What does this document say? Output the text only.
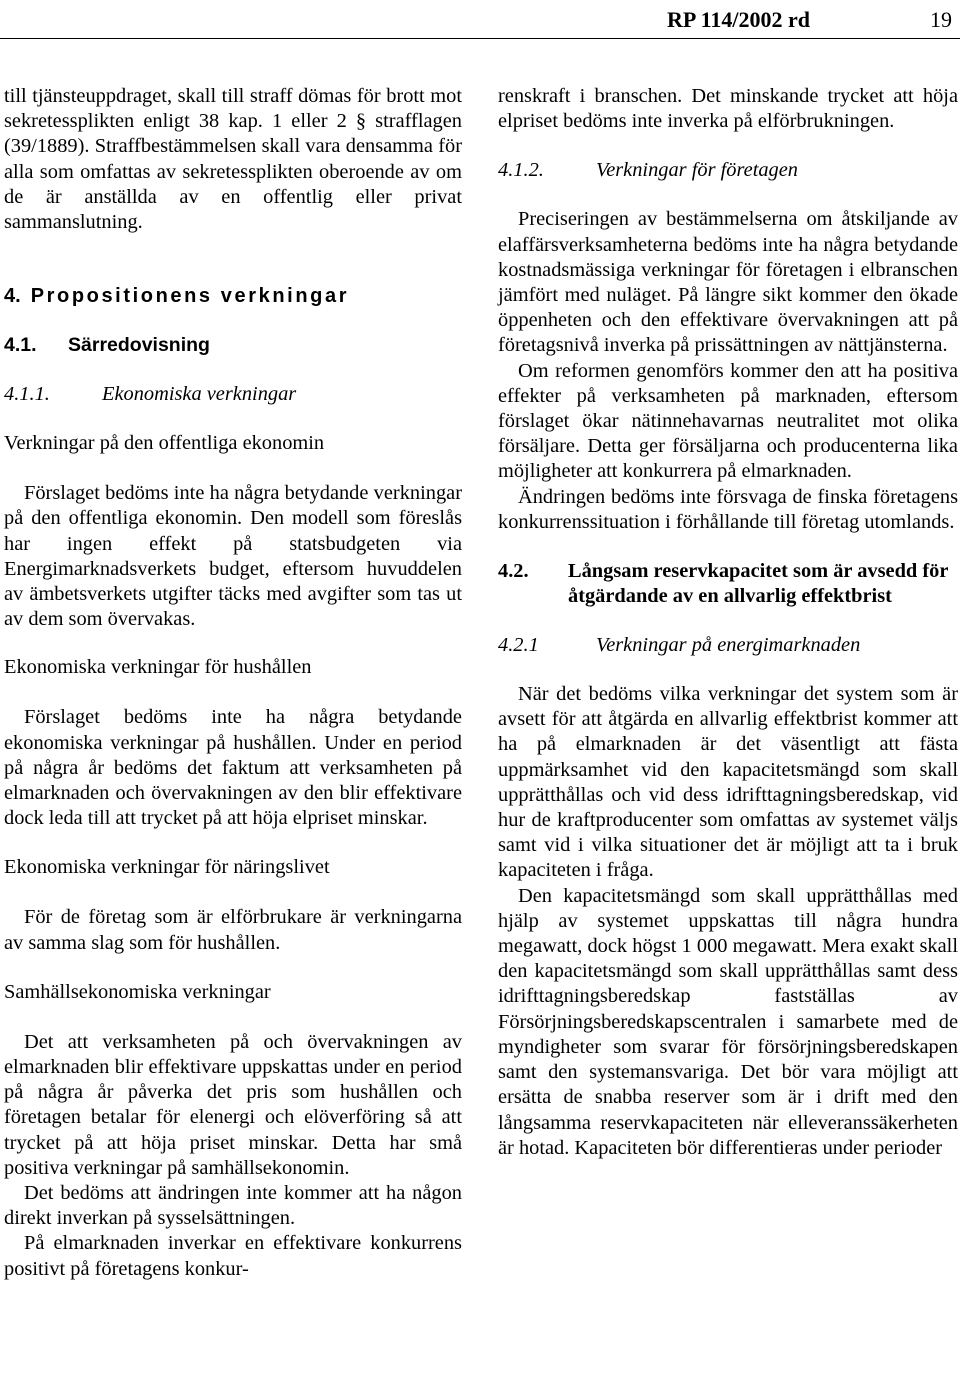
RP 114/2002 rd	19

till tjänsteuppdraget, skall till straff dömas för brott mot sekretessplikten enligt 38 kap. 1 eller 2 § strafflagen (39/1889). Straffbestämmelsen skall vara densamma för alla som omfattas av sekretessplikten oberoende av om de är anställda av en offentlig eller privat sammanslutning.

4. Propositionens verkningar
4.1. Särredovisning
4.1.1.	Ekonomiska verkningar
Verkningar på den offentliga ekonomin

Förslaget bedöms inte ha några betydande verkningar på den offentliga ekonomin. Den modell som föreslås har ingen effekt på statsbudgeten via Energimarknadsverkets budget, eftersom huvuddelen av ämbetsverkets utgifter täcks med avgifter som tas ut av dem som övervakas.

Ekonomiska verkningar för hushållen

Förslaget bedöms inte ha några betydande ekonomiska verkningar på hushållen. Under en period på några år bedöms det faktum att verksamheten på elmarknaden och övervakningen av den blir effektivare dock leda till att trycket på att höja elpriset minskar.

Ekonomiska verkningar för näringslivet

För de företag som är elförbrukare är verkningarna av samma slag som för hushållen.

Samhällsekonomiska verkningar

Det att verksamheten på och övervakningen av elmarknaden blir effektivare uppskattas under en period på några år påverka det pris som hushållen och företagen betalar för elenergi och elöverföring så att trycket på att höja priset minskar. Detta har små positiva verkningar på samhällsekonomin.

Det bedöms att ändringen inte kommer att ha någon direkt inverkan på sysselsättningen.

På elmarknaden inverkar en effektivare konkurrens positivt på företagens konkur-

renskraft i branschen. Det minskande trycket att höja elpriset bedöms inte inverka på elförbrukningen.

4.1.2.	Verkningar för företagen

Preciseringen av bestämmelserna om åtskiljande av elaffärsverksamheterna bedöms inte ha några betydande kostnadsmässiga verkningar för företagen i elbranschen jämfört med nuläget. På längre sikt kommer den ökade öppenheten och den effektivare övervakningen att på företagsnivå inverka på prissättningen av nättjänsterna.

Om reformen genomförs kommer den att ha positiva effekter på verksamheten på marknaden, eftersom förslaget ökar nätinnehavarnas neutralitet mot olika försäljare. Detta ger försäljarna och producenterna lika möjligheter att konkurrera på elmarknaden.

Ändringen bedöms inte försvaga de finska företagens konkurrenssituation i förhållande till företag utomlands.

4.2.	Långsam reservkapacitet som är avsedd för åtgärdande av en allvarlig effektbrist
4.2.1	Verkningar på energimarknaden

När det bedöms vilka verkningar det system som är avsett för att åtgärda en allvarlig effektbrist kommer att ha på elmarknaden är det väsentligt att fästa uppmärksamhet vid den kapacitetsmängd som skall upprätthållas och vid dess idrifttagningsberedskap, vid hur de kraftproducenter som omfattas av systemet väljs samt vid i vilka situationer det är möjligt att ta i bruk kapaciteten i fråga.

Den kapacitetsmängd som skall upprätthållas med hjälp av systemet uppskattas till några hundra megawatt, dock högst 1 000 megawatt. Mera exakt skall den kapacitetsmängd som skall upprätthållas samt dess idrifttagningsberedskap fastställas av Försörjningsberedskapscentralen i samarbete med de myndigheter som svarar för försörjningsberedskapen samt den systemansvariga. Det bör vara möjligt att ersätta de snabba reserver som är i drift med den långsamma reservkapaciteten när elleveranssäkerheten är hotad. Kapaciteten bör differentieras under perioder
